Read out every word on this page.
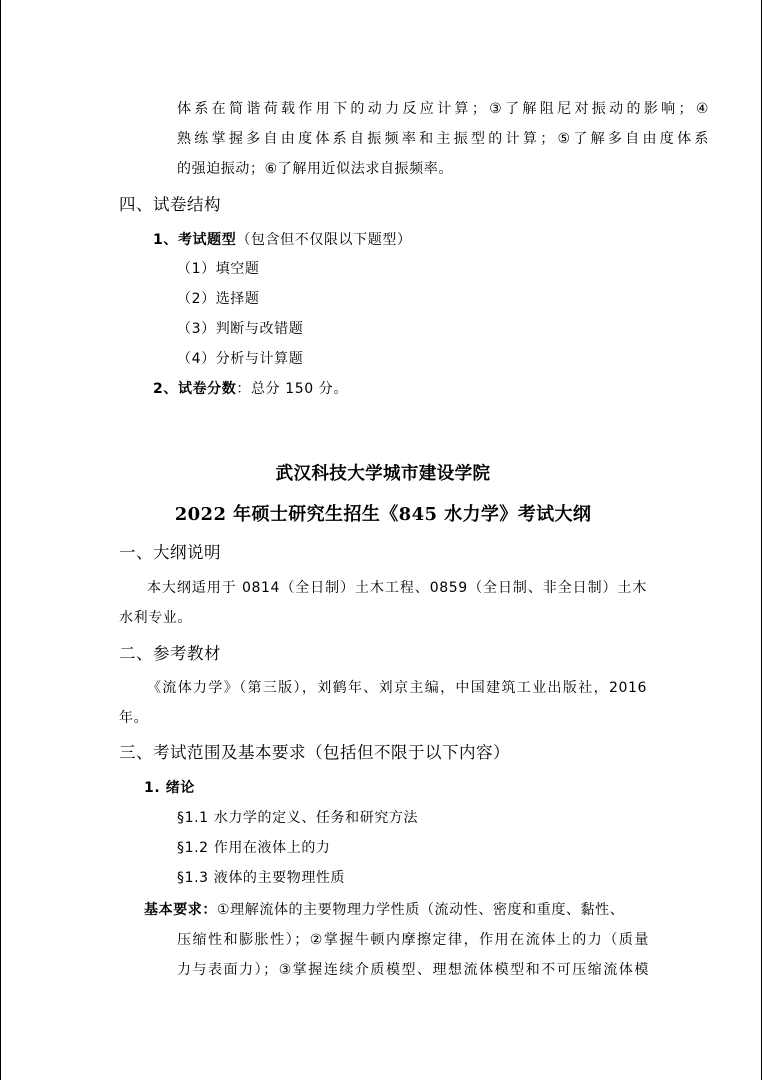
体系在简谐荷载作用下的动力反应计算；③了解阻尼对振动的影响；④
熟练掌握多自由度体系自振频率和主振型的计算；⑤了解多自由度体系
的强迫振动；⑥了解用近似法求自振频率。
四、试卷结构
1、考试题型（包含但不仅限以下题型）
（1）填空题
（2）选择题
（3）判断与改错题
（4）分析与计算题
2、试卷分数：总分 150 分。
武汉科技大学城市建设学院
2022 年硕士研究生招生《845 水力学》考试大纲
一、大纲说明
本大纲适用于 0814（全日制）土木工程、0859（全日制、非全日制）土木
水利专业。
二、参考教材
《流体力学》（第三版），刘鹤年、刘京主编，中国建筑工业出版社，2016
年。
三、考试范围及基本要求（包括但不限于以下内容）
1. 绪论
§1.1 水力学的定义、任务和研究方法
§1.2 作用在液体上的力
§1.3 液体的主要物理性质
基本要求：①理解流体的主要物理力学性质（流动性、密度和重度、黏性、
压缩性和膨胀性）；②掌握牛顿内摩擦定律，作用在流体上的力（质量
力与表面力）；③掌握连续介质模型、理想流体模型和不可压缩流体模
